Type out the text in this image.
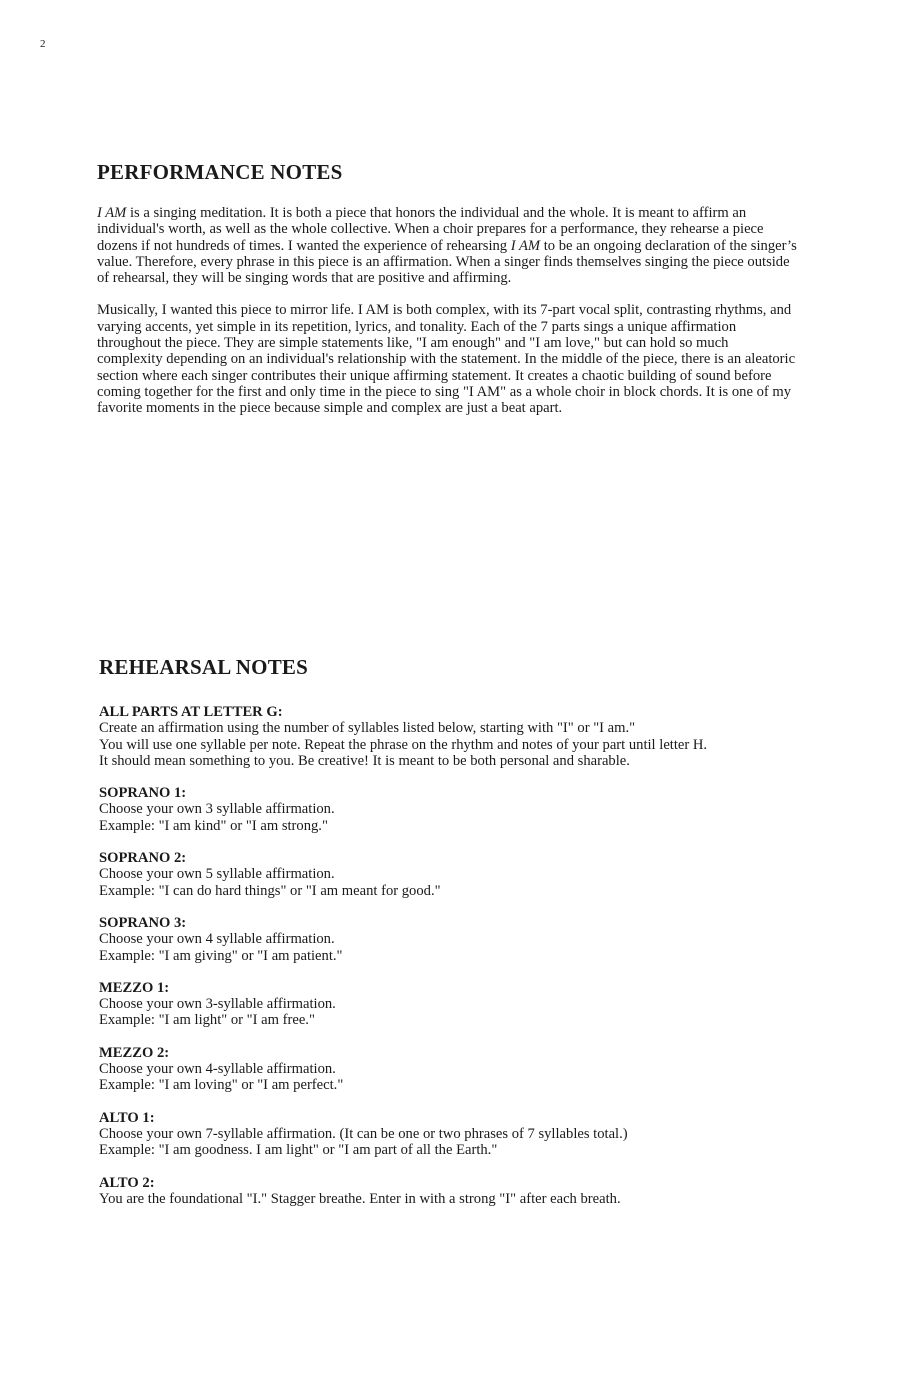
2
PERFORMANCE NOTES

I AM is a singing meditation. It is both a piece that honors the individual and the whole. It is meant to affirm an individual's worth, as well as the whole collective. When a choir prepares for a performance, they rehearse a piece dozens if not hundreds of times. I wanted the experience of rehearsing I AM to be an ongoing declaration of the singer’s value. Therefore, every phrase in this piece is an affirmation. When a singer finds themselves singing the piece outside of rehearsal, they will be singing words that are positive and affirming.

Musically, I wanted this piece to mirror life. I AM is both complex, with its 7-part vocal split, contrasting rhythms, and varying accents, yet simple in its repetition, lyrics, and tonality. Each of the 7 parts sings a unique affirmation throughout the piece. They are simple statements like, "I am enough" and "I am love," but can hold so much complexity depending on an individual's relationship with the statement. In the middle of the piece, there is an aleatoric section where each singer contributes their unique affirming statement. It creates a chaotic building of sound before coming together for the first and only time in the piece to sing "I AM" as a whole choir in block chords. It is one of my favorite moments in the piece because simple and complex are just a beat apart.

REHEARSAL NOTES
ALL PARTS AT LETTER G:
Create an affirmation using the number of syllables listed below, starting with "I" or "I am."
You will use one syllable per note. Repeat the phrase on the rhythm and notes of your part until letter H.
It should mean something to you. Be creative! It is meant to be both personal and sharable.
SOPRANO 1:
Choose your own 3 syllable affirmation.
Example: "I am kind" or "I am strong."
SOPRANO 2:
Choose your own 5 syllable affirmation.
Example: "I can do hard things" or "I am meant for good."
SOPRANO 3:
Choose your own 4 syllable affirmation.
Example: "I am giving" or "I am patient."
MEZZO 1:
Choose your own 3-syllable affirmation.
Example: "I am light" or "I am free."
MEZZO 2:
Choose your own 4-syllable affirmation.
Example: "I am loving" or "I am perfect."
ALTO 1:
Choose your own 7-syllable affirmation. (It can be one or two phrases of 7 syllables total.)
Example: "I am goodness. I am light" or "I am part of all the Earth."
ALTO 2:
You are the foundational "I." Stagger breathe. Enter in with a strong "I" after each breath.
